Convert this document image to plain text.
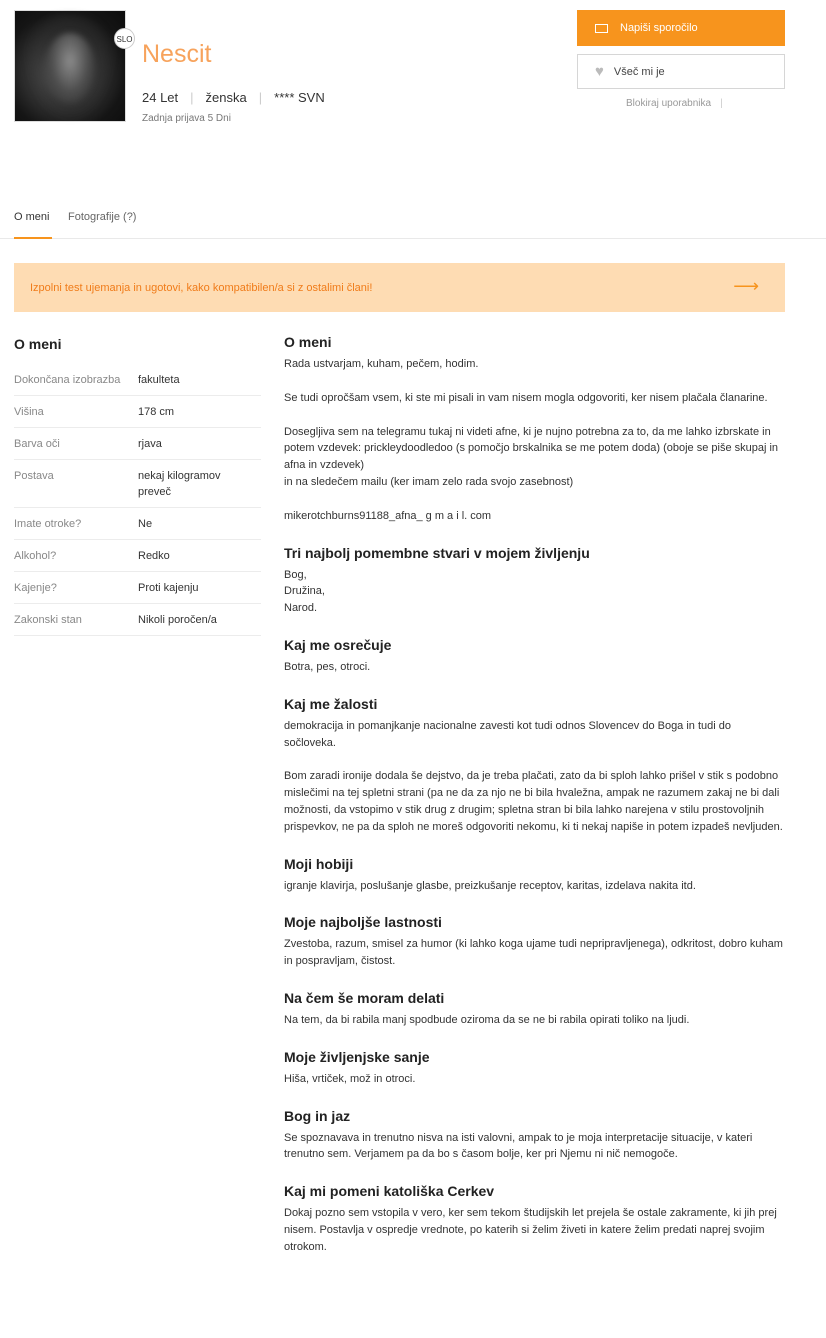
SLO
Nescit
24 Let | ženska | **** SVN
Zadnja prijava 5 Dni
Napiši sporočilo
♥ Všeč mi je
Blokiraj uporabnika |
O meni Fotografije (?)
Izpolni test ujemanja in ugotovi, kako kompatibilen/a si z ostalimi člani!	⟶
O meni
Dokončana izobrazba	fakulteta
Višina	178 cm
Barva oči	rjava
Postava	nekaj kilogramov preveč
Imate otroke?	Ne
Alkohol?	Redko
Kajenje?	Proti kajenju
Zakonski stan	Nikoli poročen/a
O meni

Rada ustvarjam, kuham, pečem, hodim.

Se tudi opročšam vsem, ki ste mi pisali in vam nisem mogla odgovoriti, ker nisem plačala članarine.

Dosegljiva sem na telegramu tukaj ni videti afne, ki je nujno potrebna za to, da me lahko izbrskate in potem vzdevek: prickleydoodledoo (s pomočjo brskalnika se me potem doda) (oboje se piše skupaj in afna in vzdevek)
in na sledečem mailu (ker imam zelo rada svojo zasebnost)

mikerotchburns91188_afna_ g m a i l. com

Tri najbolj pomembne stvari v mojem življenju

Bog,
Družina,
Narod.

Kaj me osrečuje

Botra, pes, otroci.

Kaj me žalosti

demokracija in pomanjkanje nacionalne zavesti kot tudi odnos Slovencev do Boga in tudi do sočloveka.

Bom zaradi ironije dodala še dejstvo, da je treba plačati, zato da bi sploh lahko prišel v stik s podobno mislečimi na tej spletni strani (pa ne da za njo ne bi bila hvaležna, ampak ne razumem zakaj ne bi dali možnosti, da vstopimo v stik drug z drugim; spletna stran bi bila lahko narejena v stilu prostovoljnih prispevkov, ne pa da sploh ne moreš odgovoriti nekomu, ki ti nekaj napiše in potem izpadeš nevljuden.

Moji hobiji

igranje klavirja, poslušanje glasbe, preizkušanje receptov, karitas, izdelava nakita itd.

Moje najboljše lastnosti

Zvestoba, razum, smisel za humor (ki lahko koga ujame tudi nepripravljenega), odkritost, dobro kuham in pospravljam, čistost.

Na čem še moram delati

Na tem, da bi rabila manj spodbude oziroma da se ne bi rabila opirati toliko na ljudi.

Moje življenjske sanje

Hiša, vrtiček, mož in otroci.

Bog in jaz

Se spoznavava in trenutno nisva na isti valovni, ampak to je moja interpretacije situacije, v kateri trenutno sem. Verjamem pa da bo s časom bolje, ker pri Njemu ni nič nemogoče.

Kaj mi pomeni katoliška Cerkev

Dokaj pozno sem vstopila v vero, ker sem tekom študijskih let prejela še ostale zakramente, ki jih prej nisem. Postavlja v ospredje vrednote, po katerih si želim živeti in katere želim predati naprej svojim otrokom.
